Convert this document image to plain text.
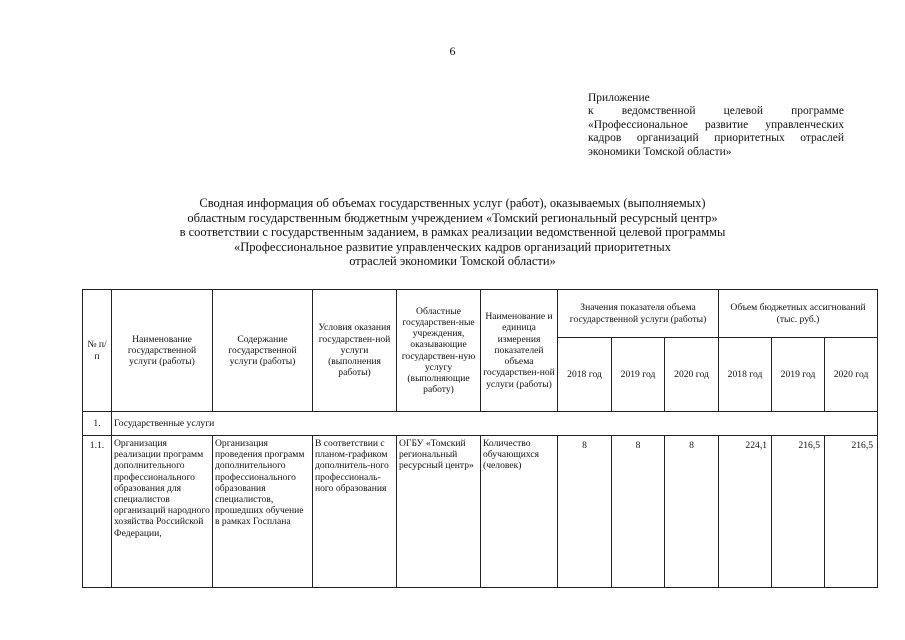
6
Приложение
к ведомственной целевой программе
«Профессиональное развитие управленческих
кадров организаций приоритетных отраслей
экономики Томской области»
Сводная информация об объемах государственных услуг (работ), оказываемых (выполняемых)
областным государственным бюджетным учреждением «Томский региональный ресурсный центр»
в соответствии с государственным заданием, в рамках реализации ведомственной целевой программы
«Профессиональное развитие управленческих кадров организаций приоритетных
отраслей экономики Томской области»
№ п/п	Наименование государственной услуги (работы)	Содержание государственной услуги (работы)	Условия оказания государствен-ной услуги (выполнения работы)	Областные государствен-ные учреждения, оказывающие государствен-ную услугу (выполняющие работу)	Наименование и единица измерения показателей объема государствен-ной услуги (работы)	Значения показателя объема государственной услуги (работы)			Объем бюджетных ассигнований (тыс. руб.)		
						2018 год	2019 год	2020 год	2018 год	2019 год	2020 год
1.	Государственные услуги										
1.1.	Организация реализации программ дополнительного профессионального образования для специалистов организаций народного хозяйства Российской Федерации,	Организация проведения программ дополнительного профессионального образования специалистов, прошедших обучение в рамках Госплана	В соответствии с планом-графиком дополнитель-ного профессиональ-ного образования	ОГБУ «Томский региональный ресурсный центр»	Количество обучающихся (человек)	8	8	8	224,1	216,5	216,5
